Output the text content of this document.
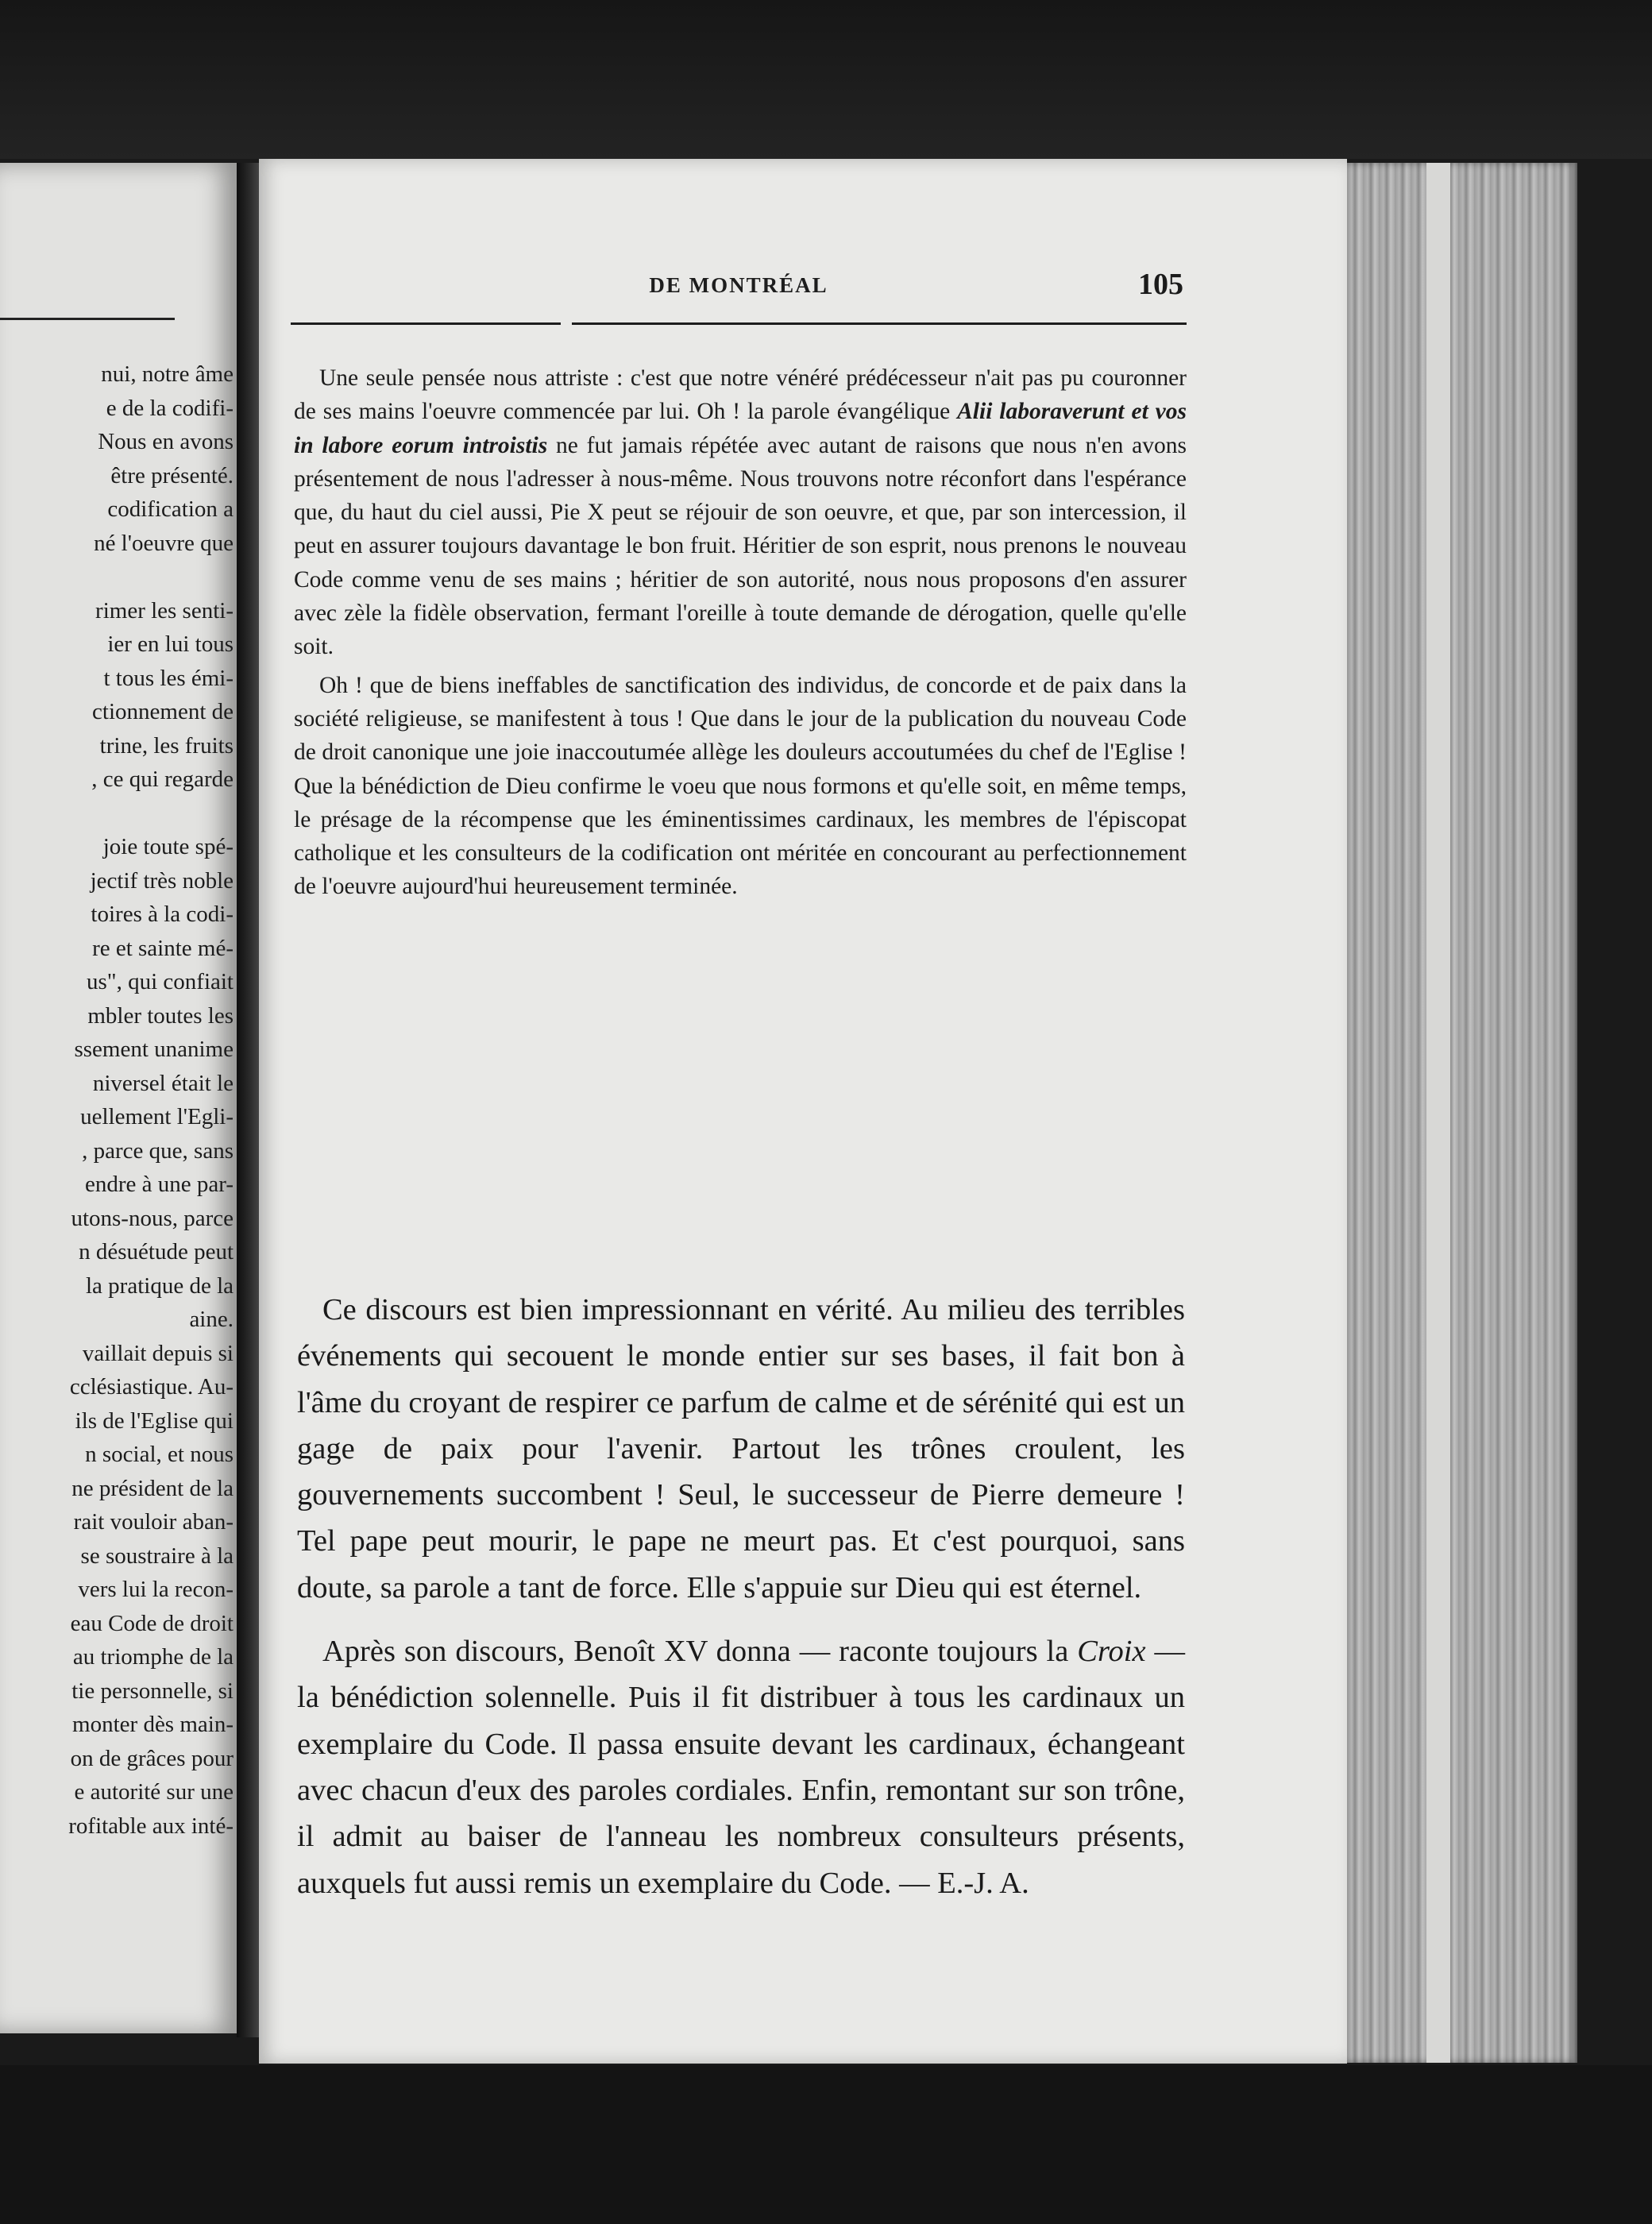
nui, notre âme
e de la codifi-
Nous en avons
être présenté.
codification a
né l'oeuvre que
rimer les senti-
ier en lui tous
t tous les émi-
ctionnement de
trine, les fruits
, ce qui regarde
joie toute spé-
jectif très noble
toires à la codi-
re et sainte mé-
us", qui confiait
mbler toutes les
ssement unanime
niversel était le
uellement l'Egli-
, parce que, sans
endre à une par-
utons-nous, parce
n désuétude peut
la pratique de la
aine.
vaillait depuis si
cclésiastique. Au-
ils de l'Eglise qui
n social, et nous
ne président de la
rait vouloir aban-
se soustraire à la
vers lui la recon-
eau Code de droit
au triomphe de la
tie personnelle, si
monter dès main-
on de grâces pour
e autorité sur une
rofitable aux inté-
DE MONTRÉAL	105

Une seule pensée nous attriste : c'est que notre vénéré prédécesseur n'ait pas pu couronner de ses mains l'oeuvre commencée par lui. Oh ! la parole évangélique Alii laboraverunt et vos in labore eorum introistis ne fut jamais répétée avec autant de raisons que nous n'en avons présentement de nous l'adresser à nous-même. Nous trouvons notre réconfort dans l'espérance que, du haut du ciel aussi, Pie X peut se réjouir de son oeuvre, et que, par son intercession, il peut en assurer toujours davantage le bon fruit. Héritier de son esprit, nous prenons le nouveau Code comme venu de ses mains ; héritier de son autorité, nous nous proposons d'en assurer avec zèle la fidèle observation, fermant l'oreille à toute demande de dérogation, quelle qu'elle soit.

Oh ! que de biens ineffables de sanctification des individus, de concorde et de paix dans la société religieuse, se manifestent à tous ! Que dans le jour de la publication du nouveau Code de droit canonique une joie inaccoutumée allège les douleurs accoutumées du chef de l'Eglise ! Que la bénédiction de Dieu confirme le voeu que nous formons et qu'elle soit, en même temps, le présage de la récompense que les éminentissimes cardinaux, les membres de l'épiscopat catholique et les consulteurs de la codification ont méritée en concourant au perfectionnement de l'oeuvre aujourd'hui heureusement terminée.

Ce discours est bien impressionnant en vérité. Au milieu des terribles événements qui secouent le monde entier sur ses bases, il fait bon à l'âme du croyant de respirer ce parfum de calme et de sérénité qui est un gage de paix pour l'avenir. Partout les trônes croulent, les gouvernements succombent ! Seul, le successeur de Pierre demeure ! Tel pape peut mourir, le pape ne meurt pas. Et c'est pourquoi, sans doute, sa parole a tant de force. Elle s'appuie sur Dieu qui est éternel.

Après son discours, Benoît XV donna — raconte toujours la Croix — la bénédiction solennelle. Puis il fit distribuer à tous les cardinaux un exemplaire du Code. Il passa ensuite devant les cardinaux, échangeant avec chacun d'eux des paroles cordiales. Enfin, remontant sur son trône, il admit au baiser de l'anneau les nombreux consulteurs présents, auxquels fut aussi remis un exemplaire du Code. — E.-J. A.
